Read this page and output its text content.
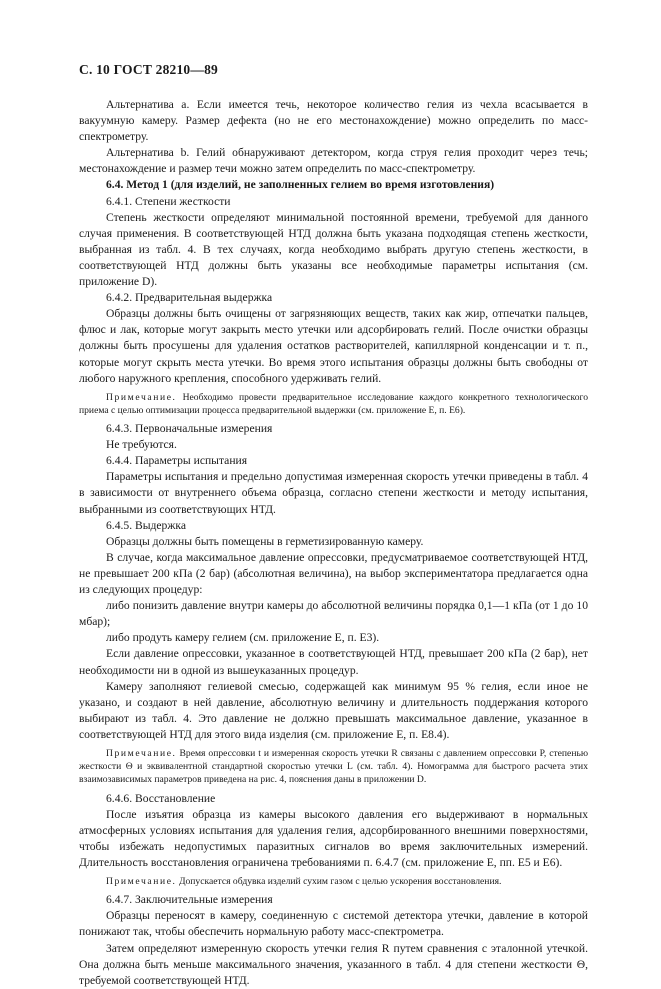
С. 10 ГОСТ 28210—89

Альтернатива a. Если имеется течь, некоторое количество гелия из чехла всасывается в вакуумную камеру. Размер дефекта (но не его местонахождение) можно определить по масс-спектрометру.

Альтернатива b. Гелий обнаруживают детектором, когда струя гелия проходит через течь; местонахождение и размер течи можно затем определить по масс-спектрометру.

6.4. Метод 1 (для изделий, не заполненных гелием во время изготовления)

6.4.1. Степени жесткости

Степень жесткости определяют минимальной постоянной времени, требуемой для данного случая применения. В соответствующей НТД должна быть указана подходящая степень жесткости, выбранная из табл. 4. В тех случаях, когда необходимо выбрать другую степень жесткости, в соответствующей НТД должны быть указаны все необходимые параметры испытания (см. приложение D).

6.4.2. Предварительная выдержка

Образцы должны быть очищены от загрязняющих веществ, таких как жир, отпечатки пальцев, флюс и лак, которые могут закрыть место утечки или адсорбировать гелий. После очистки образцы должны быть просушены для удаления остатков растворителей, капиллярной конденсации и т. п., которые могут скрыть места утечки. Во время этого испытания образцы должны быть свободны от любого наружного крепления, способного удерживать гелий.

Примечание. Необходимо провести предварительное исследование каждого конкретного технологического приема с целью оптимизации процесса предварительной выдержки (см. приложение Е, п. Е6).

6.4.3. Первоначальные измерения

Не требуются.

6.4.4. Параметры испытания

Параметры испытания и предельно допустимая измеренная скорость утечки приведены в табл. 4 в зависимости от внутреннего объема образца, согласно степени жесткости и методу испытания, выбранными из соответствующих НТД.

6.4.5. Выдержка

Образцы должны быть помещены в герметизированную камеру.

В случае, когда максимальное давление опрессовки, предусматриваемое соответствующей НТД, не превышает 200 кПа (2 бар) (абсолютная величина), на выбор экспериментатора предлагается одна из следующих процедур:

либо понизить давление внутри камеры до абсолютной величины порядка 0,1—1 кПа (от 1 до 10 мбар);

либо продуть камеру гелием (см. приложение Е, п. Е3).

Если давление опрессовки, указанное в соответствующей НТД, превышает 200 кПа (2 бар), нет необходимости ни в одной из вышеуказанных процедур.

Камеру заполняют гелиевой смесью, содержащей как минимум 95 % гелия, если иное не указано, и создают в ней давление, абсолютную величину и длительность поддержания которого выбирают из табл. 4. Это давление не должно превышать максимальное давление, указанное в соответствующей НТД для этого вида изделия (см. приложение Е, п. Е8.4).

Примечание. Время опрессовки t и измеренная скорость утечки R связаны с давлением опрессовки P, степенью жесткости Θ и эквивалентной стандартной скоростью утечки L (см. табл. 4). Номограмма для быстрого расчета этих взаимозависимых параметров приведена на рис. 4, пояснения даны в приложении D.

6.4.6. Восстановление

После изъятия образца из камеры высокого давления его выдерживают в нормальных атмосферных условиях испытания для удаления гелия, адсорбированного внешними поверхностями, чтобы избежать недопустимых паразитных сигналов во время заключительных измерений. Длительность восстановления ограничена требованиями п. 6.4.7 (см. приложение Е, пп. Е5 и Е6).

Примечание. Допускается обдувка изделий сухим газом с целью ускорения восстановления.

6.4.7. Заключительные измерения

Образцы переносят в камеру, соединенную с системой детектора утечки, давление в которой понижают так, чтобы обеспечить нормальную работу масс-спектрометра.

Затем определяют измеренную скорость утечки гелия R путем сравнения с эталонной утечкой. Она должна быть меньше максимального значения, указанного в табл. 4 для степени жесткости Θ, требуемой соответствующей НТД.
